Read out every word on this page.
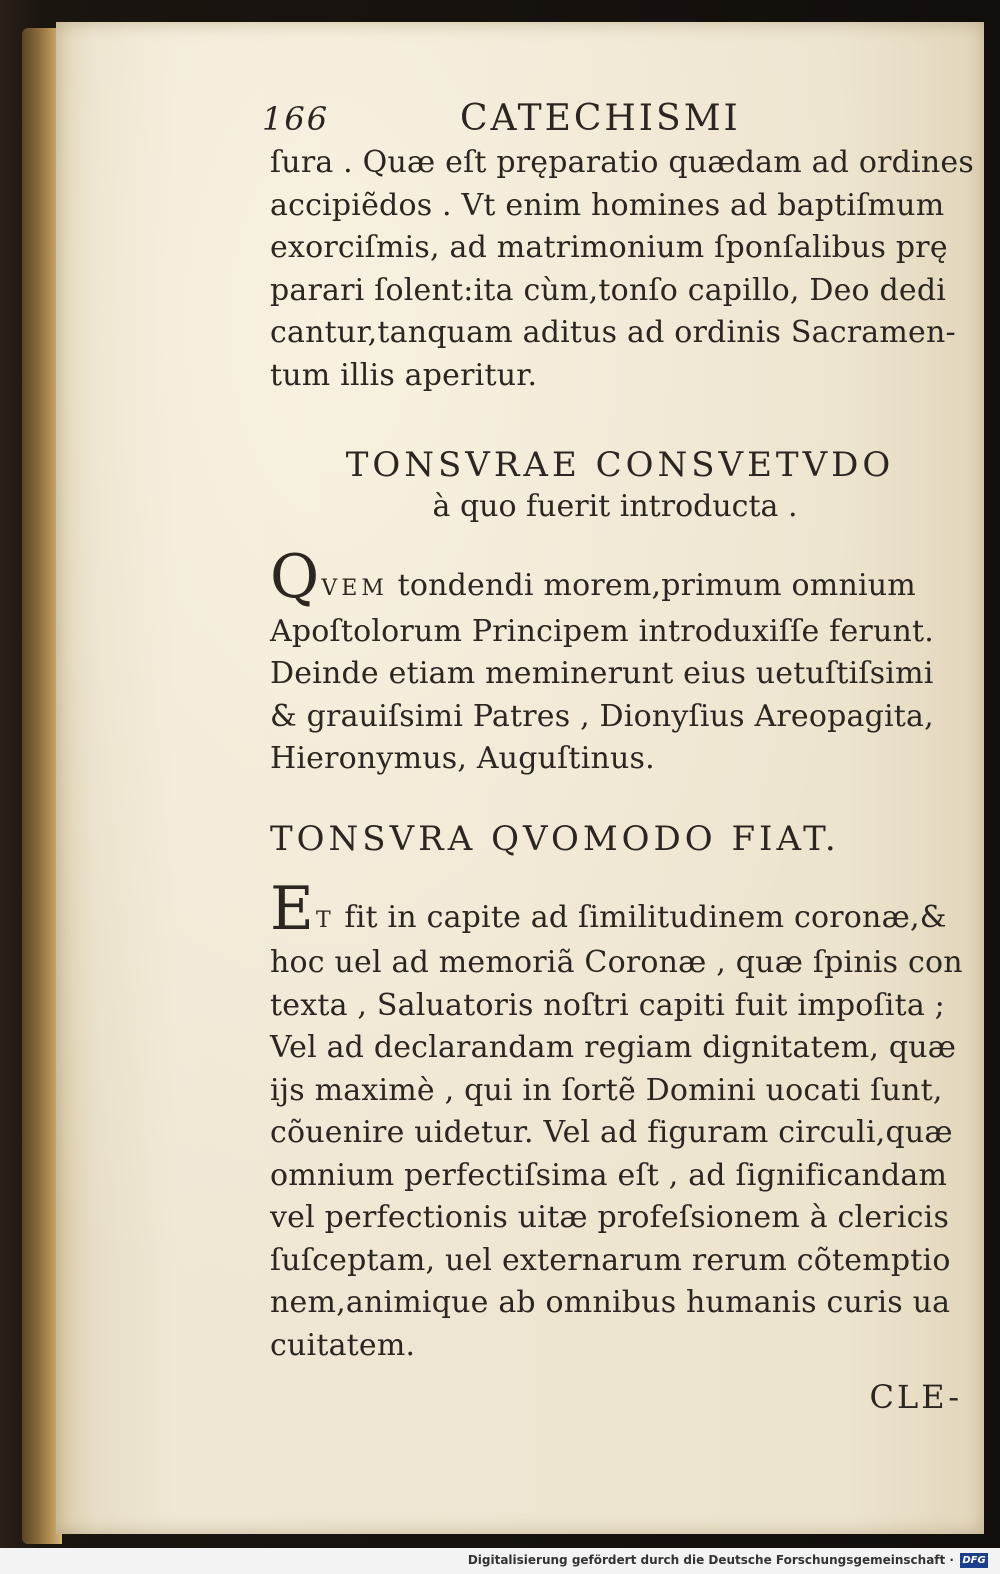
166	CATECHISMI
ſura . Quæ eſt pręparatio quædam ad ordines
accipiẽdos . Vt enim homines ad baptiſmum
exorciſmis, ad matrimonium ſponſalibus prę
parari ſolent:ita cùm,tonſo capillo, Deo dedi
cantur,tanquam aditus ad ordinis Sacramen-
tum illis aperitur.
TONSVRAE CONSVETVDO
à quo fuerit introducta .
QVEM tondendi morem,primum omnium
Apoſtolorum Principem introduxiſſe ferunt.
Deinde etiam meminerunt eius uetuſtiſsimi
& grauiſsimi Patres , Dionyſius Areopagita,
Hieronymus, Auguſtinus.
TONSVRA QVOMODO FIAT.
ET fit in capite ad ſimilitudinem coronæ,&
hoc uel ad memoriã Coronæ , quæ ſpinis con
texta , Saluatoris noſtri capiti fuit impoſita ;
Vel ad declarandam regiam dignitatem, quæ
ijs maximè , qui in ſortẽ Domini uocati ſunt,
cõuenire uidetur. Vel ad figuram circuli,quæ
omnium perfectiſsima eſt , ad ſignificandam
vel perfectionis uitæ profeſsionem à clericis
ſuſceptam, uel externarum rerum cõtemptio
nem,animique ab omnibus humanis curis ua
cuitatem.
CLE-
Digitalisierung gefördert durch die Deutsche Forschungsgemeinschaft · DFG
